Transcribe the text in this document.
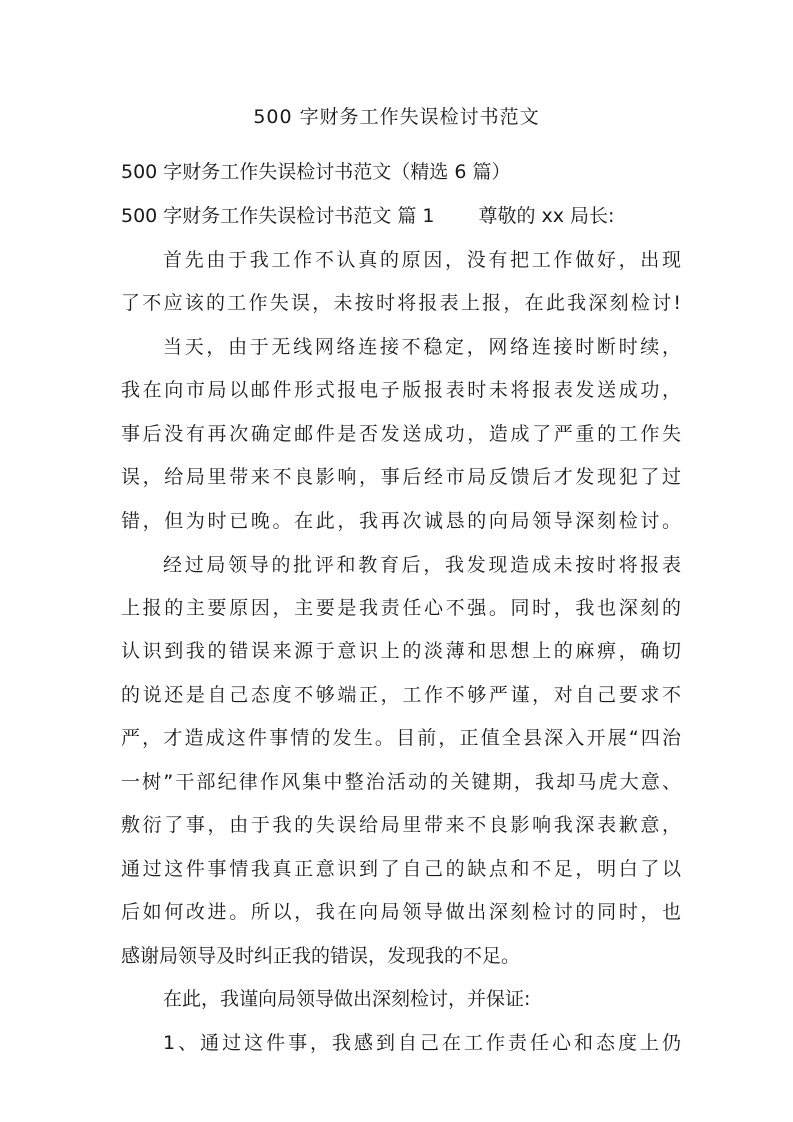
500 字财务工作失误检讨书范文
500 字财务工作失误检讨书范文（精选 6 篇）
500 字财务工作失误检讨书范文 篇 1 尊敬的 xx 局长:
首先由于我工作不认真的原因，没有把工作做好，出现
了不应该的工作失误，未按时将报表上报，在此我深刻检讨!
当天，由于无线网络连接不稳定，网络连接时断时续，
我在向市局以邮件形式报电子版报表时未将报表发送成功，
事后没有再次确定邮件是否发送成功，造成了严重的工作失
误，给局里带来不良影响，事后经市局反馈后才发现犯了过
错，但为时已晚。在此，我再次诚恳的向局领导深刻检讨。
经过局领导的批评和教育后，我发现造成未按时将报表
上报的主要原因，主要是我责任心不强。同时，我也深刻的
认识到我的错误来源于意识上的淡薄和思想上的麻痹，确切
的说还是自己态度不够端正，工作不够严谨，对自己要求不
严，才造成这件事情的发生。目前，正值全县深入开展“四治
一树”干部纪律作风集中整治活动的关键期，我却马虎大意、
敷衍了事，由于我的失误给局里带来不良影响我深表歉意，
通过这件事情我真正意识到了自己的缺点和不足，明白了以
后如何改进。所以，我在向局领导做出深刻检讨的同时，也
感谢局领导及时纠正我的错误，发现我的不足。
在此，我谨向局领导做出深刻检讨，并保证:
1、通过这件事，我感到自己在工作责任心和态度上仍
